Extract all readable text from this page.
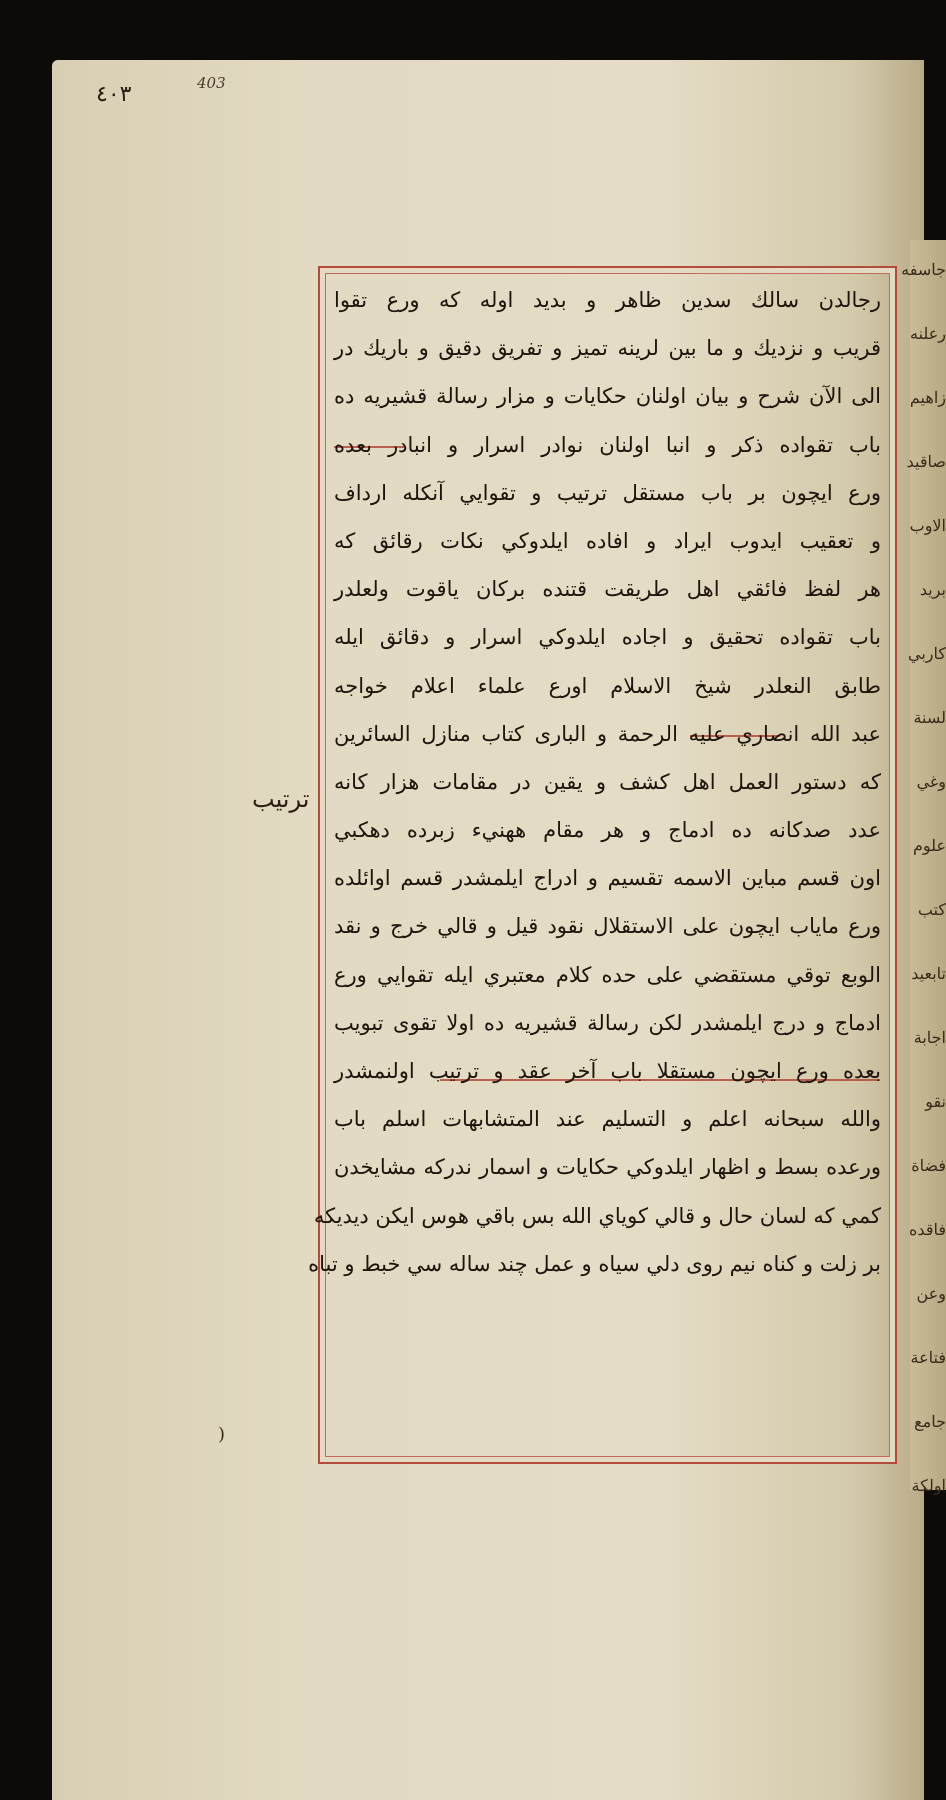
جاسفه
رعلنه
زاهيم
صاقيد
الاوب
بريد
كاربي
لسنة
وغي
علوم
كتب
تابعيد
اجابة
نقو
فضاة
فاقده
وعن
فتاعة
جامع
اولكة
٤٠٣	403
رجالدن سالك سدين ظاهر و بديد اوله كه ورع تقوا
قريب و نزديك و ما بين لرينه تميز و تفريق دقيق و باريك در
الى الآن شرح و بيان اولنان حكايات و مزار رسالة قشيريه ده
باب تقواده ذكر و انبا اولنان نوادر اسرار و انبادر بعده
ورع ايچون بر باب مستقل ترتيب و تقوايي آنكله ارداف
و تعقيب ايدوب ايراد و افاده ايلدوكي نكات رقائق كه
هر لفظ فائقي اهل طريقت قتنده بركان ياقوت ولعلدر
باب تقواده تحقيق و اجاده ايلدوكي اسرار و دقائق ايله
طابق النعلدر شيخ الاسلام اورع علماء اعلام خواجه
عبد الله انصاري عليه الرحمة و البارى كتاب منازل السائرين
كه دستور العمل اهل كشف و يقين در مقامات هزار كانه
عدد صدكانه ده ادماج و هر مقام ههنيء زبرده دهكبي
اون قسم مباين الاسمه تقسيم و ادراج ايلمشدر قسم اوائلده
ورع ماياب ايچون على الاستقلال نقود قيل و قالي خرج و نقد
الوبع توقي مستقضي على حده كلام معتبري ايله تقوايي ورع
ادماج و درج ايلمشدر لكن رسالة قشيريه ده اولا تقوى تبويب
بعده ورع ايچون مستقلا باب آخر عقد و ترتيب اولنمشدر
والله سبحانه اعلم و التسليم عند المتشابهات اسلم باب
ورعده بسط و اظهار ايلدوكي حكايات و اسمار ندركه مشايخدن
كمي كه لسان حال و قالي كوياي الله بس باقي هوس ايكن ديديكه
بر زلت و كناه نيم روى دلي سياه و عمل چند ساله سي خبط و تباه
ترتيب
)
